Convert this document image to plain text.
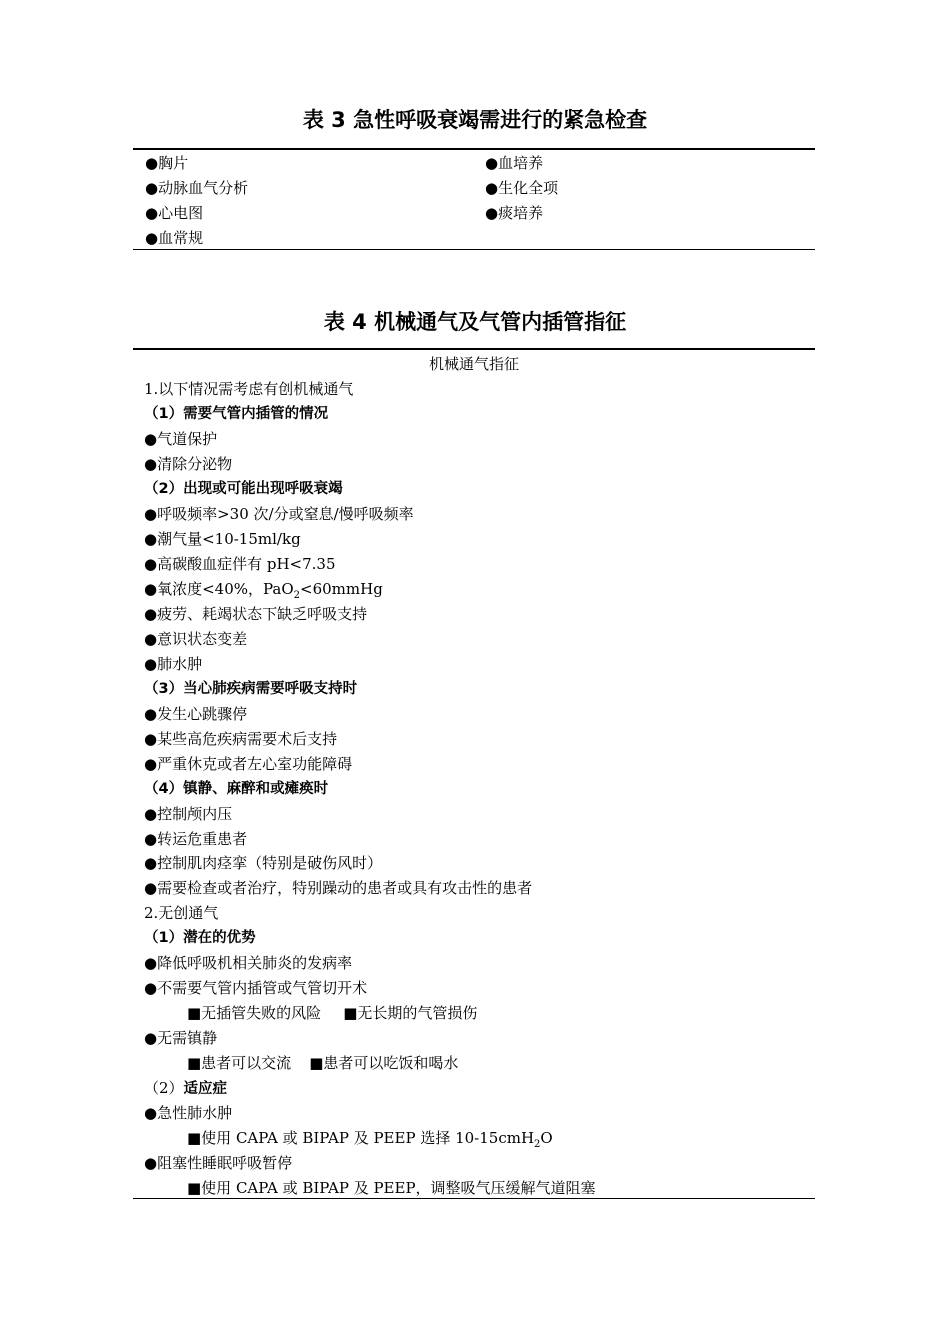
表 3 急性呼吸衰竭需进行的紧急检查
●胸片
●动脉血气分析
●心电图
●血常规
●血培养
●生化全项
●痰培养
表 4 机械通气及气管内插管指征
机械通气指征
1.以下情况需考虑有创机械通气
（1）需要气管内插管的情况
●气道保护
●清除分泌物
（2）出现或可能出现呼吸衰竭
●呼吸频率>30 次/分或窒息/慢呼吸频率
●潮气量<10-15ml/kg
●高碳酸血症伴有 pH<7.35
●氧浓度<40%，PaO$_2$<60mmHg
●疲劳、耗竭状态下缺乏呼吸支持
●意识状态变差
●肺水肿
（3）当心肺疾病需要呼吸支持时
●发生心跳骤停
●某些高危疾病需要术后支持
●严重休克或者左心室功能障碍
（4）镇静、麻醉和或瘫痪时
●控制颅内压
●转运危重患者
●控制肌肉痉挛（特别是破伤风时）
●需要检查或者治疗，特别躁动的患者或具有攻击性的患者
2.无创通气
（1）潜在的优势
●降低呼吸机相关肺炎的发病率
●不需要气管内插管或气管切开术
■无插管失败的风险 ■无长期的气管损伤
●无需镇静
■患者可以交流 ■患者可以吃饭和喝水
（2）适应症
●急性肺水肿
■使用 CAPA 或 BIPAP 及 PEEP 选择 10-15cmH$_2$O
●阻塞性睡眠呼吸暂停
■使用 CAPA 或 BIPAP 及 PEEP，调整吸气压缓解气道阻塞
